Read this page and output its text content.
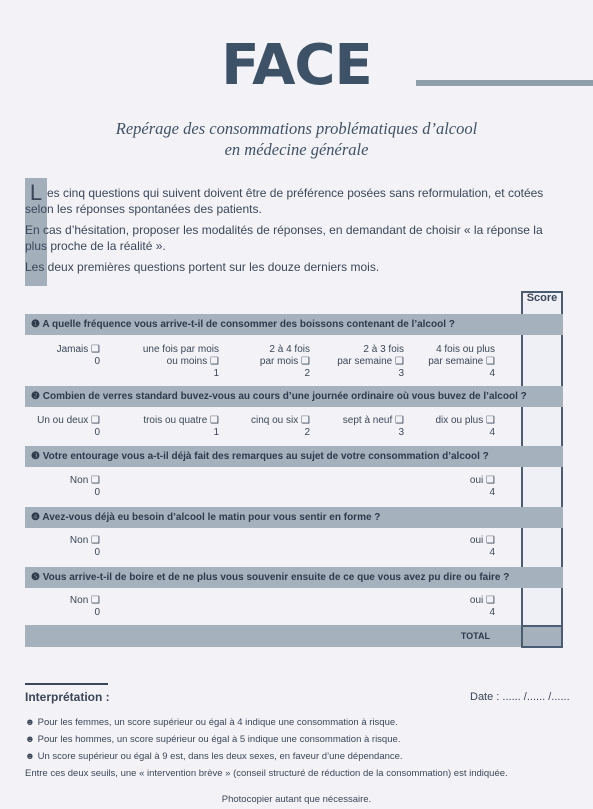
FACE
Repérage des consommations problématiques d’alcool
en médecine générale
L es cinq questions qui suivent doivent être de préférence posées sans reformulation, et cotées selon les réponses spontanées des patients.

En cas d’hésitation, proposer les modalités de réponses, en demandant de choisir « la réponse la plus proche de la réalité ».

Les deux premières questions portent sur les douze derniers mois.

Score
❶ A quelle fréquence vous arrive-t-il de consommer des boissons contenant de l’alcool ?
Jamais ❑
0
une fois par mois
ou moins ❑
1
2 à 4 fois
par mois ❑
2
2 à 3 fois
par semaine ❑
3
4 fois ou plus
par semaine ❑
4
❷ Combien de verres standard buvez-vous au cours d’une journée ordinaire où vous buvez de l’alcool ?
Un ou deux ❑
0
trois ou quatre ❑
1
cinq ou six ❑
2
sept à neuf ❑
3
dix ou plus ❑
4
❸ Votre entourage vous a-t-il déjà fait des remarques au sujet de votre consommation d’alcool ?
Non ❑
0
oui ❑
4
❹ Avez-vous déjà eu besoin d’alcool le matin pour vous sentir en forme ?
Non ❑
0
oui ❑
4
❺ Vous arrive-t-il de boire et de ne plus vous souvenir ensuite de ce que vous avez pu dire ou faire ?
Non ❑
0
oui ❑
4
TOTAL
Interprétation :	Date : ...... /...... /......
☻ Pour les femmes, un score supérieur ou égal à 4 indique une consommation à risque.
☻ Pour les hommes, un score supérieur ou égal à 5 indique une consommation à risque.
☻ Un score supérieur ou égal à 9 est, dans les deux sexes, en faveur d’une dépendance.
Entre ces deux seuils, une « intervention brève » (conseil structuré de réduction de la consommation) est indiquée.
Photocopier autant que nécessaire.
